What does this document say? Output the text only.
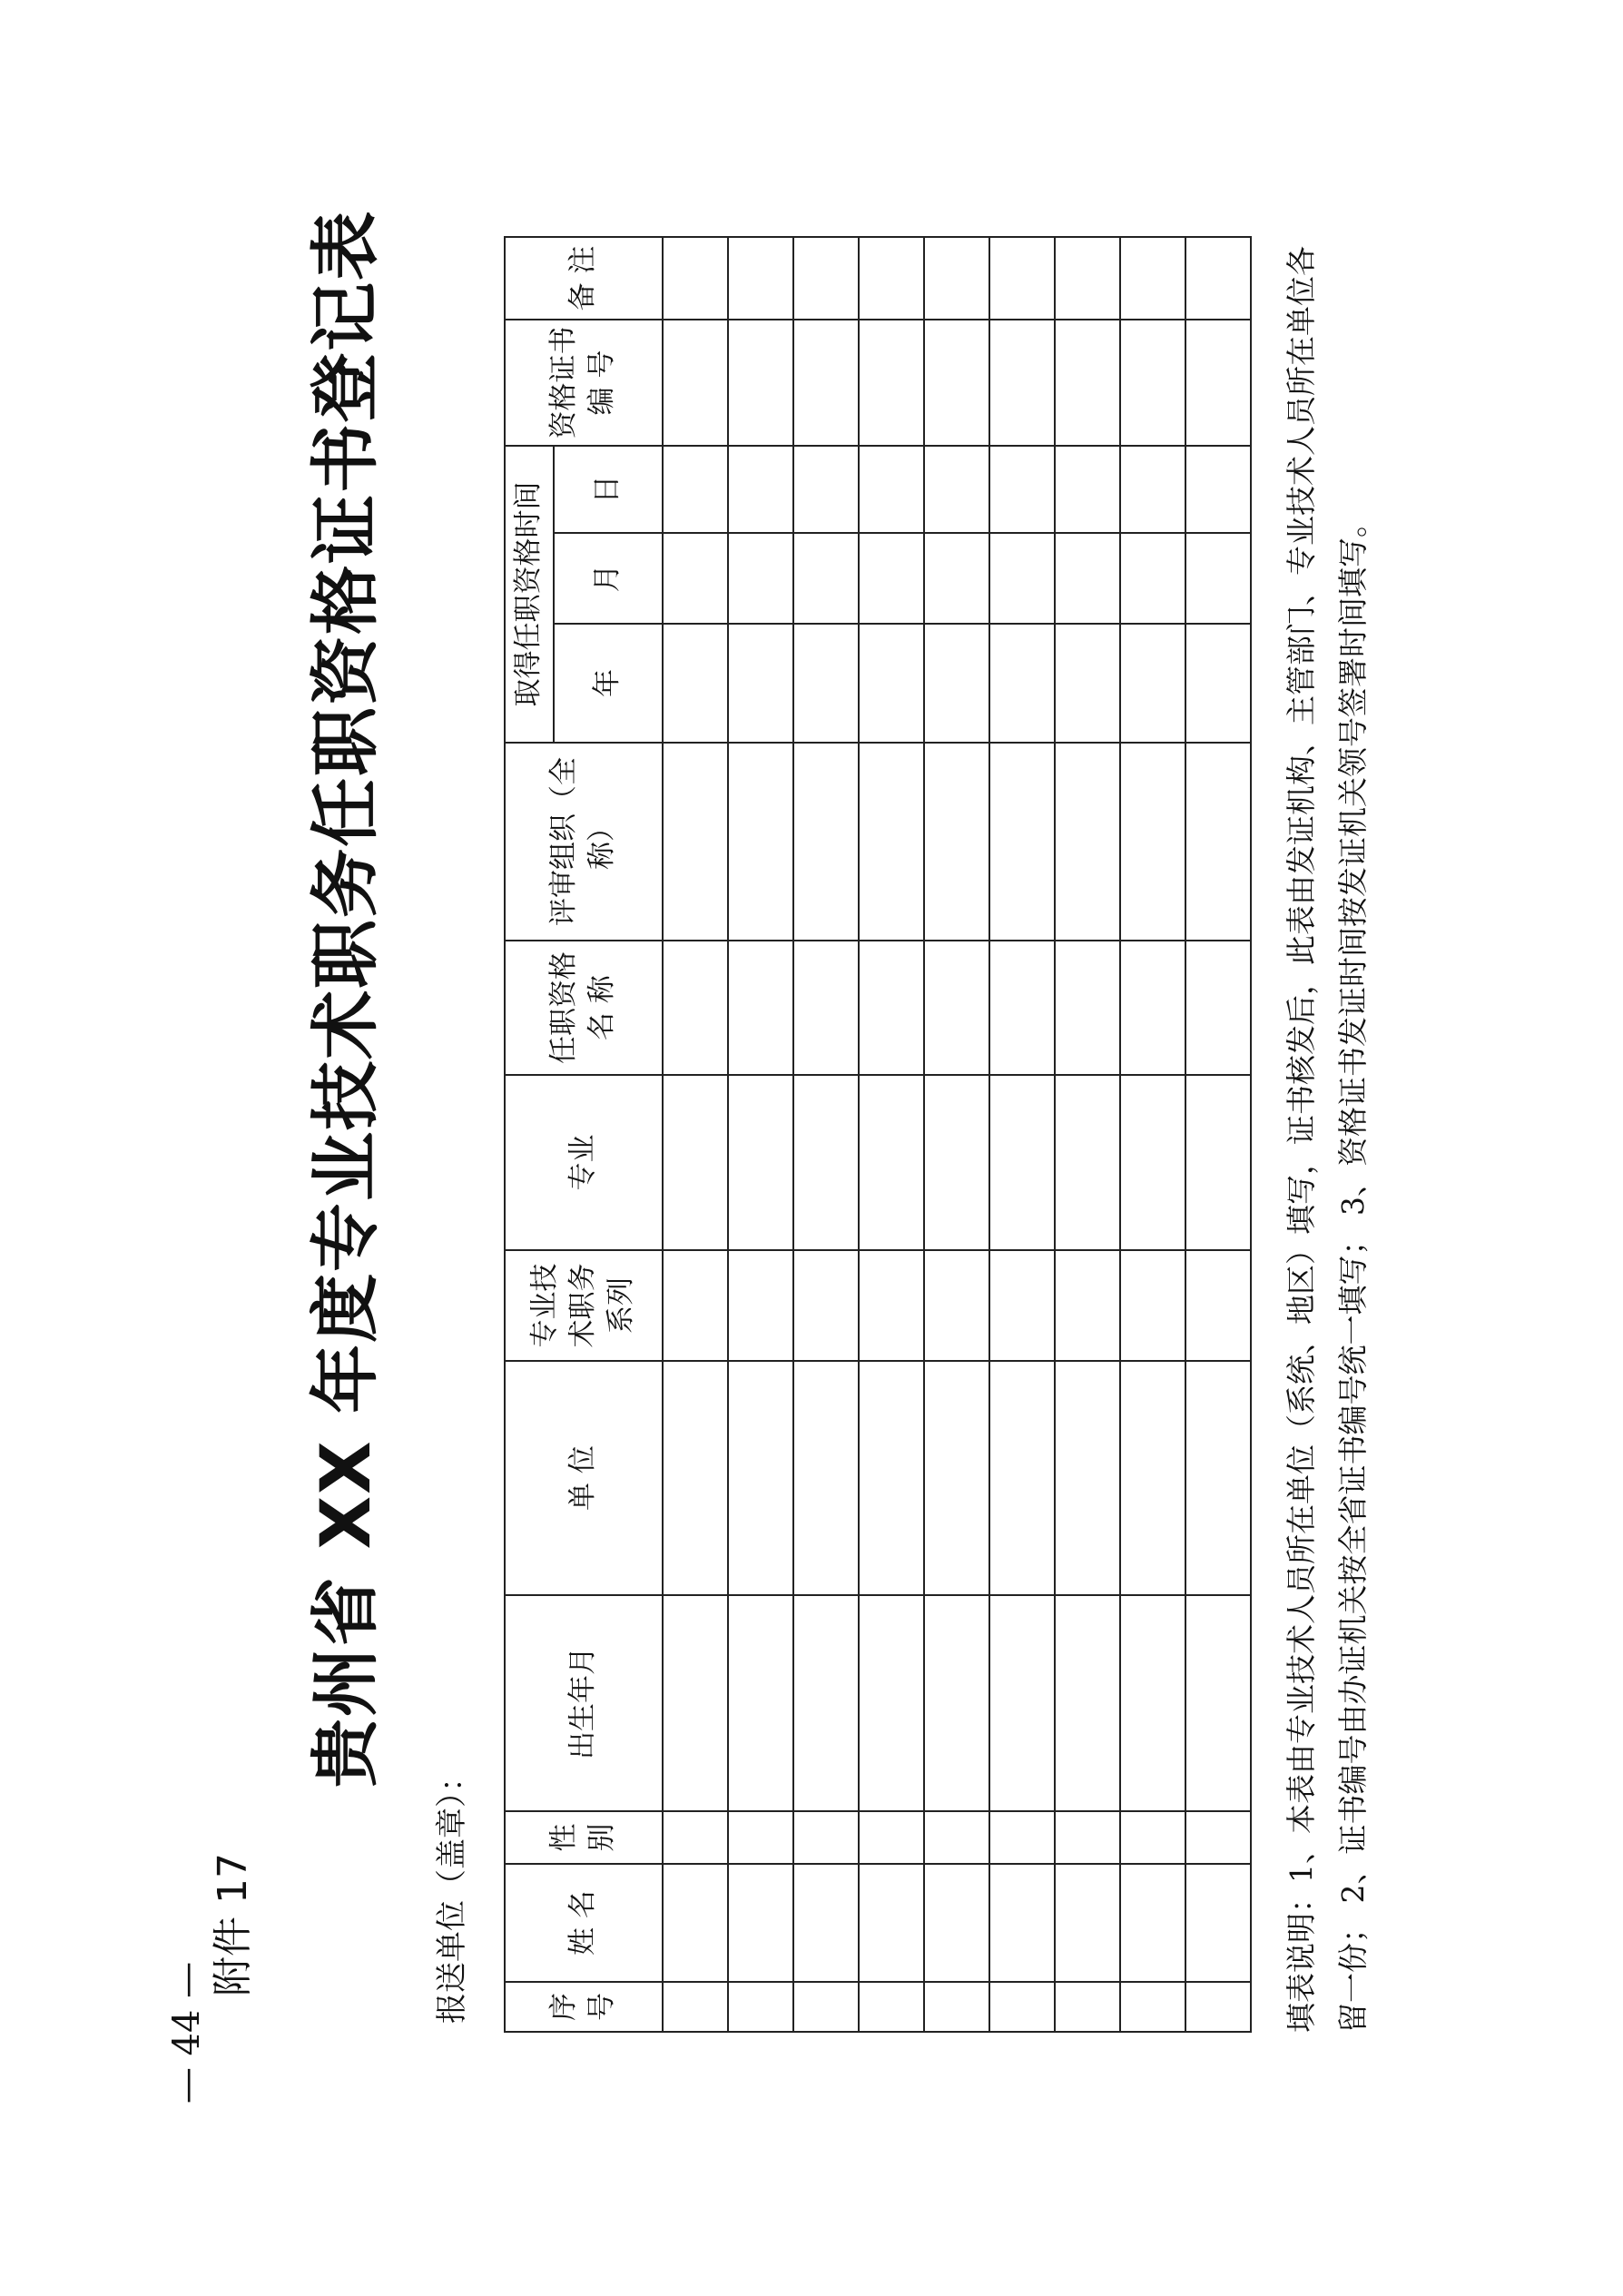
— 44 —
附件 17
贵州省 XX 年度专业技术职务任职资格证书登记表
报送单位（盖章）：	序号	姓 名	性别	出生年月	单 位	专业技术职务系列	专业	任职资格名 称	评审组织（全称）	取得任职资格时间			资格证书编 号	备 注
									年	月	日		

														填表说明：1、本表由专业技术人员所在单位（系统、地区）填写，证书核发后，此表由发证机构、主管部门、专业技术人员所在单位各 留一份； 2、证书编号由办证机关按全省证书编号统一填写； 3、资格证书发证时间按发证机关领号签署时间填写。
